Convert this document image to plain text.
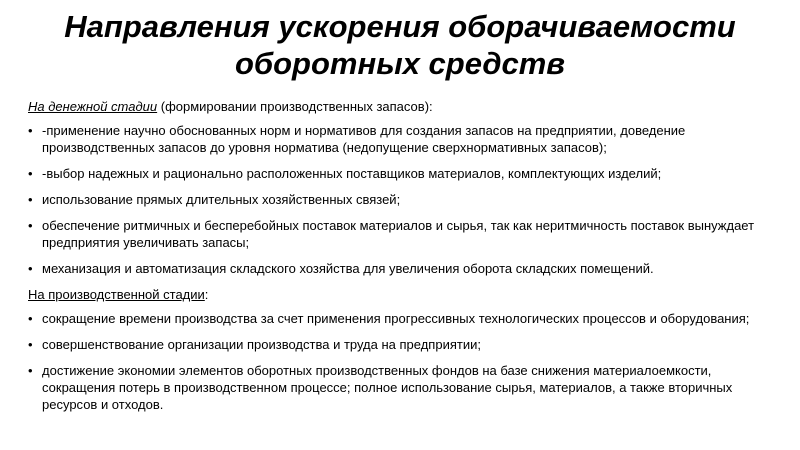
Направления ускорения оборачиваемости оборотных средств
На денежной стадии (формировании производственных запасов):
• -применение научно обоснованных норм и нормативов для создания запасов на предприятии, доведение производственных запасов до уровня норматива (недопущение сверхнормативных запасов);
• -выбор надежных и рационально расположенных поставщиков материалов, комплектующих изделий;
• использование прямых длительных хозяйственных связей;
• обеспечение ритмичных и бесперебойных поставок материалов и сырья, так как неритмичность поставок вынуждает предприятия увеличивать запасы;
• механизация и автоматизация складского хозяйства для увеличения оборота складских помещений.
На производственной стадии:
• сокращение времени производства за счет применения прогрессивных технологических процессов и оборудования;
• совершенствование организации производства и труда на предприятии;
• достижение экономии элементов оборотных производственных фондов на базе снижения материалоемкости, сокращения потерь в производственном процессе; полное использование сырья, материалов, а также вторичных ресурсов и отходов.
